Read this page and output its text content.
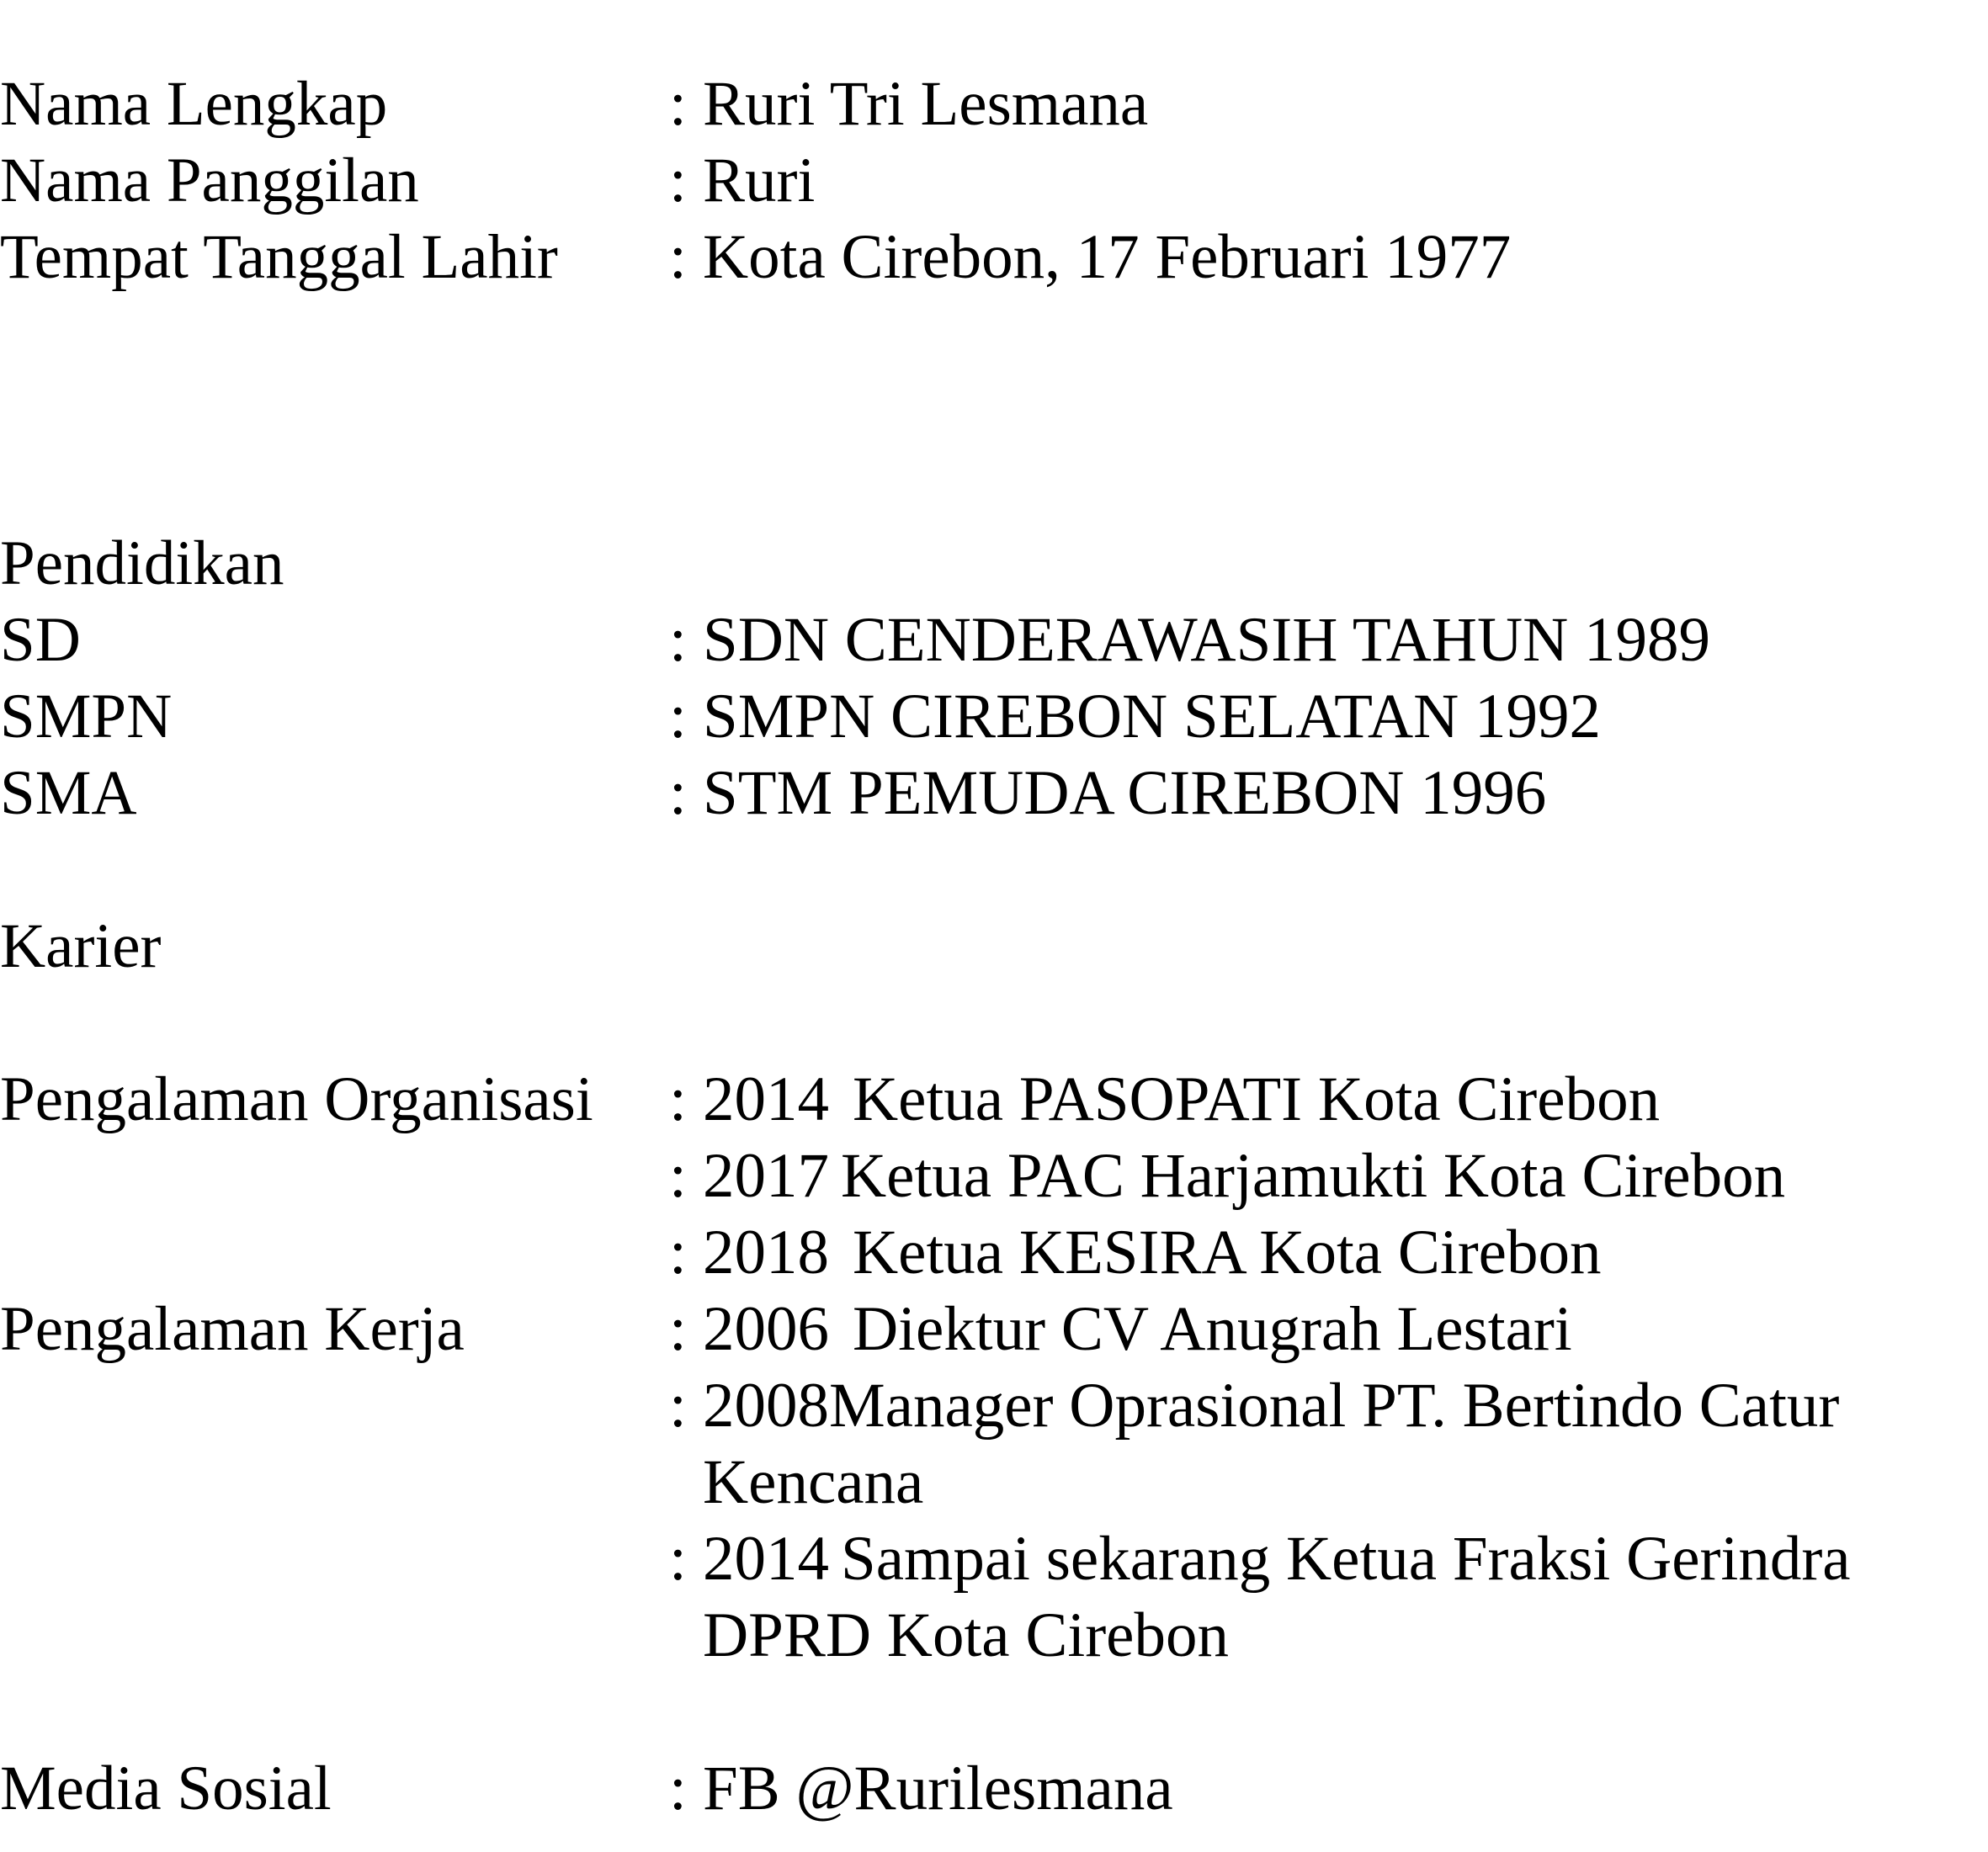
Nama Lengkap	: Ruri Tri Lesmana
Nama Panggilan	: Ruri
Tempat Tanggal Lahir	: Kota Cirebon, 17 Februari 1977
Pendidikan
SD	: SDN CENDERAWASIH TAHUN 1989
SMPN	: SMPN CIREBON SELATAN 1992
SMA	: STM PEMUDA CIREBON 1996
Karier
Pengalaman Organisasi	: 2014 Ketua PASOPATI Kota Cirebon
: 2017 Ketua PAC Harjamukti Kota Cirebon
: 2018 Ketua KESIRA Kota Cirebon
Pengalaman Kerja	: 2006 Diektur CV Anugrah Lestari
: 2008Manager Oprasional PT. Bertindo Catur Kencana
: 2014 Sampai sekarang Ketua Fraksi Gerindra DPRD Kota Cirebon
Media Sosial	: FB @Rurilesmana
